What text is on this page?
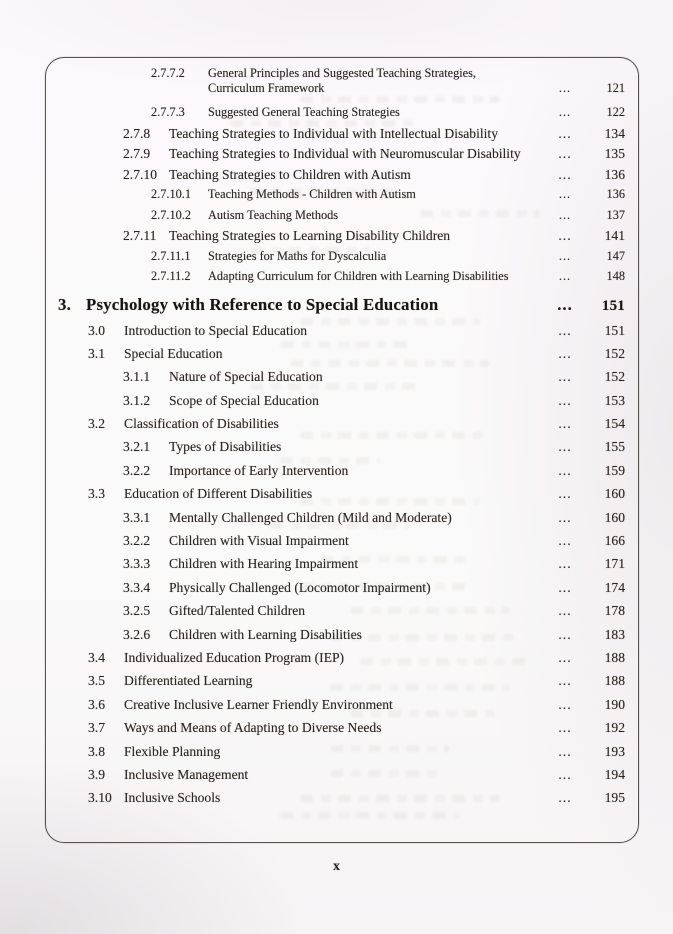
2.7.7.2	General Principles and Suggested Teaching Strategies,
Curriculum Framework	...	121
2.7.7.3	Suggested General Teaching Strategies	...	122
2.7.8	Teaching Strategies to Individual with Intellectual Disability	...	134
2.7.9	Teaching Strategies to Individual with Neuromuscular Disability	...	135
2.7.10 Teaching Strategies to Children with Autism	...	136
2.7.10.1	Teaching Methods - Children with Autism	...	136
2.7.10.2	Autism Teaching Methods	...	137
2.7.11 Teaching Strategies to Learning Disability Children	...	141
2.7.11.1	Strategies for Maths for Dyscalculia	...	147
2.7.11.2	Adapting Curriculum for Children with Learning Disabilities	...	148
3. Psychology with Reference to Special Education	...	151
3.0	Introduction to Special Education	...	151
3.1	Special Education	...	152
3.1.1	Nature of Special Education	...	152
3.1.2	Scope of Special Education	...	153
3.2	Classification of Disabilities	...	154
3.2.1	Types of Disabilities	...	155
3.2.2	Importance of Early Intervention	...	159
3.3	Education of Different Disabilities	...	160
3.3.1	Mentally Challenged Children (Mild and Moderate)	...	160
3.2.2	Children with Visual Impairment	...	166
3.3.3	Children with Hearing Impairment	...	171
3.3.4	Physically Challenged (Locomotor Impairment)	...	174
3.2.5	Gifted/Talented Children	...	178
3.2.6	Children with Learning Disabilities	...	183
3.4	Individualized Education Program (IEP)	...	188
3.5	Differentiated Learning	...	188
3.6	Creative Inclusive Learner Friendly Environment	...	190
3.7	Ways and Means of Adapting to Diverse Needs	...	192
3.8	Flexible Planning	...	193
3.9	Inclusive Management	...	194
3.10 Inclusive Schools	...	195
x
